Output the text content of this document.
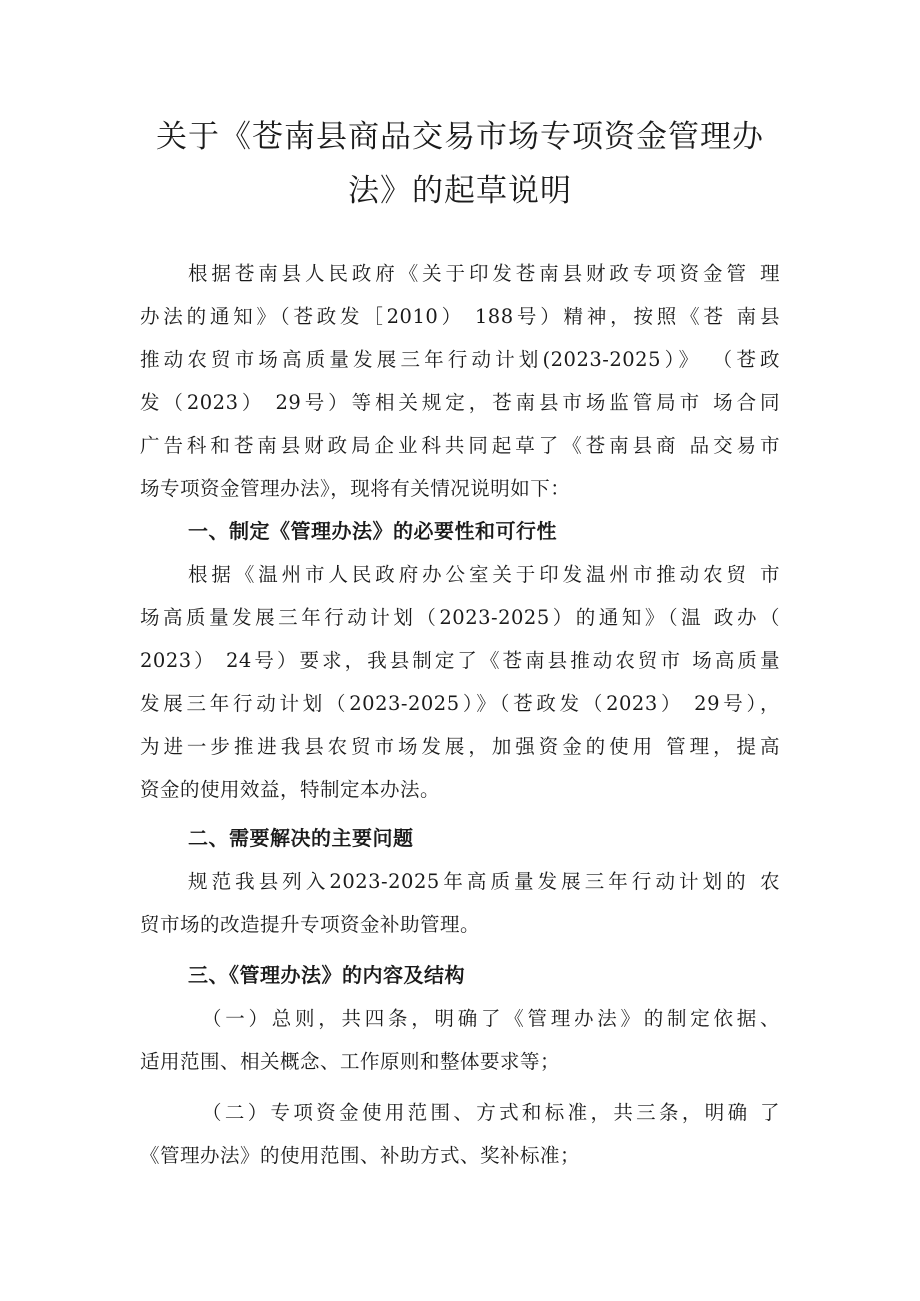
关于《苍南县商品交易市场专项资金管理办
法》的起草说明
根据苍南县人民政府《关于印发苍南县财政专项资金管 理
办法的通知》（苍政发［2010） 188号）精神，按照《苍 南县
推动农贸市场高质量发展三年行动计划(2023-2025）》 （苍政
发（2023） 29号）等相关规定，苍南县市场监管局市 场合同
广告科和苍南县财政局企业科共同起草了《苍南县商 品交易市
场专项资金管理办法》，现将有关情况说明如下：
一、制定《管理办法》的必要性和可行性
根据《温州市人民政府办公室关于印发温州市推动农贸 市
场高质量发展三年行动计划（2023-2025）的通知》（温 政办（
2023） 24号）要求，我县制定了《苍南县推动农贸市 场高质量
发展三年行动计划（2023-2025）》（苍政发（2023） 29号），
为进一步推进我县农贸市场发展，加强资金的使用 管理，提高
资金的使用效益，特制定本办法。
二、需要解决的主要问题
规范我县列入2023-2025年高质量发展三年行动计划的 农
贸市场的改造提升专项资金补助管理。
三、《管理办法》的内容及结构
（一）总则，共四条，明确了《管理办法》的制定依据、
适用范围、相关概念、工作原则和整体要求等；
（二）专项资金使用范围、方式和标准，共三条，明确 了
《管理办法》的使用范围、补助方式、奖补标准；
